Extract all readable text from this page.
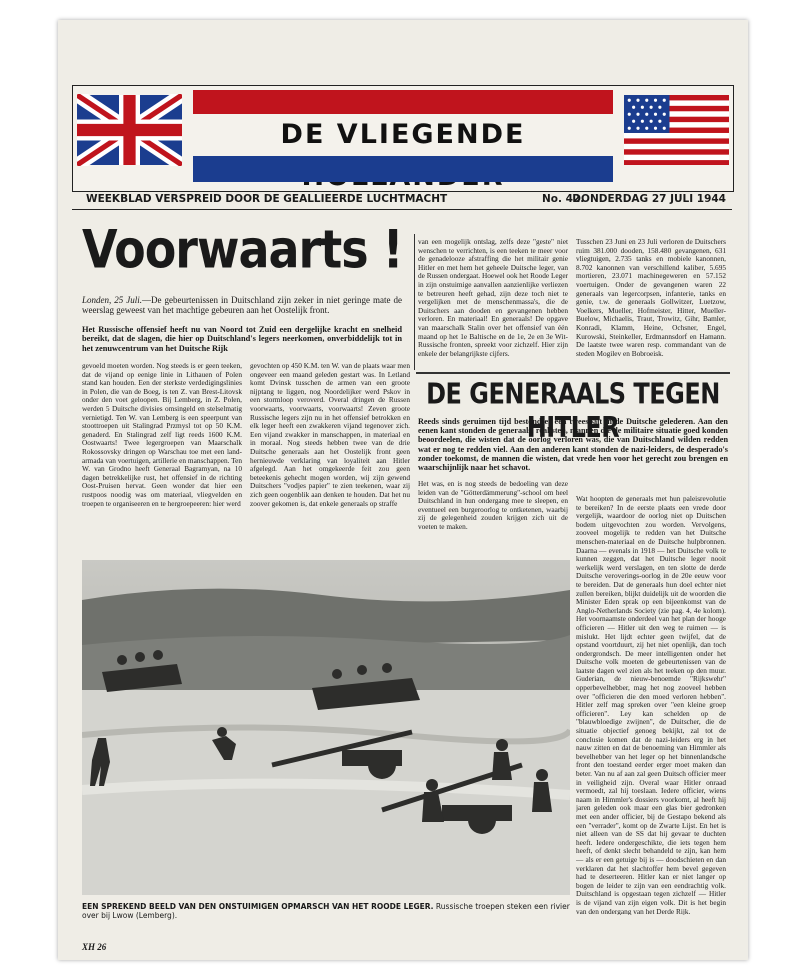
DE VLIEGENDE
WEEKBLAD VERSPREID DOOR DE GEALLIEERDE LUCHTMACHT	No. 42.
DONDERDAG 27 JULI 1944
Voorwaarts !
Londen, 25 Juli.—De gebeurtenissen in Duitschland zijn zeker in niet geringe mate de weerslag geweest van het machtige gebeuren aan het Oostelijk front.
Het Russische offensief heeft nu van Noord tot Zuid een dergelijke kracht en snelheid bereikt, dat de slagen, die hier op Duitschland's legers neerkomen, onverbiddelijk tot in het zenuwcentrum van het Duitsche Rijk
gevoeld moeten worden. Nog steeds is er geen teeken, dat de vijand op eenige linie in Lithauen of Polen stand kan houden. Een der sterkste verdedigingslinies in Polen, die van de Boeg, is ten Z. van Brest-Litovsk onder den voet geloopen. Bij Lemberg, in Z. Polen, werden 5 Duitsche divisies omsingeld en stelselmatig vernietigd. Ten W. van Lemberg is een speerpunt van stoottroepen uit Stalingrad Przmysl tot op 50 K.M. genaderd. En Stalingrad zelf ligt reeds 1600 K.M. Oostwaarts! Twee legergroepen van Maarschalk Rokossovsky dringen op Warschau toe met een land-armada van voertuigen, artillerie en manschappen. Ten W. van Grodno heeft Generaal Bagramyan, na 10 dagen betrekkelijke rust, het offensief in de richting Oost-Pruisen hervat. Geen wonder dat hier een rustpoos noodig was om materiaal, vliegvelden en troepen te organiseeren en te hergroepeeren: hier werd
gevochten op 450 K.M. ten W. van de plaats waar men ongeveer een maand geleden gestart was. In Letland komt Dvinsk tusschen de armen van een groote nijptang te liggen, nog Noordelijker werd Pskov in een stormloop veroverd. Overal dringen de Russen voorwaarts, voorwaarts, voorwaarts! Zeven groote Russische legers zijn nu in het offensief betrokken en elk leger heeft een zwakkeren vijand tegenover zich. Een vijand zwakker in manschappen, in materiaal en in moraal. Nog steeds hebben twee van de drie Duitsche generaals aan het Oostelijk front geen hernieuwde verklaring van loyaliteit aan Hitler afgelegd. Aan het omgekeerde feit zou geen beteekenis gehecht mogen worden, wij zijn gewend Duitschers "vodjes papier" te zien teekenen, waar zij zich geen oogenblik aan denken te houden. Dat het nu zoover gekomen is, dat enkele generaals op straffe
van een mogelijk ontslag, zelfs deze "geste" niet wenschen te verrichten, is een teeken te meer voor de genadelooze afstraffing die het militair genie Hitler en met hem het geheele Duitsche leger, van de Russen ondergaat. Hoewel ook het Roode Leger in zijn onstuimige aanvallen aanzienlijke verliezen te betreuren heeft gehad, zijn deze toch niet te vergelijken met de menschenmassa's, die de Duitschers aan dooden en gevangenen hebben verloren. En materiaal! En generaals! De opgave van maarschalk Stalin over het offensief van één maand op het 1e Baltische en de 1e, 2e en 3e Wit-Russische fronten, spreekt voor zichzelf. Hier zijn enkele der belangrijkste cijfers.
Tusschen 23 Juni en 23 Juli verloren de Duitschers ruim 381.000 dooden, 158.480 gevangenen, 631 vliegtuigen, 2.735 tanks en mobiele kanonnen, 8.702 kanonnen van verschillend kaliber, 5.695 mortieren, 23.071 machinegeweren en 57.152 voertuigen. Onder de gevangenen waren 22 generaals van legercorpsen, infanterie, tanks en genie, t.w. de generaals Gollwitzer, Luetzow, Voelkers, Mueller, Hofmeister, Hitter, Mueller-Buelow, Michaelis, Traut, Trowitz, Gihr, Bamler, Konradi, Klamm, Heine, Ochsner, Engel, Kurowski, Steinkeller, Erdmannsdorf en Hamann. De laatste twee waren resp. commandant van de steden Mogilev en Bobroeisk.
DE GENERAALS TEGEN HITLER
Reeds sinds geruimen tijd bestond er een tweespalt in de Duitsche gelederen. Aan den eenen kant stonden de generaals, realisten, mannen die de militaire situatie goed konden beoordeelen, die wisten dat de oorlog verloren was, die van Duitschland wilden redden wat er nog te redden viel. Aan den anderen kant stonden de nazi-leiders, de desperado's zonder toekomst, de mannen die wisten, dat vrede hen voor het gerecht zou brengen en waarschijnlijk naar het schavot.
Het was, en is nog steeds de bedoeling van deze leiden van de "Götterdämmerung"-school om heel Duitschland in hun ondergang mee te sleepen, en eventueel een burgeroorlog te ontketenen, waarbij zij de gelegenheid zouden krijgen zich uit de voeten te maken.
Wat hoopten de generaals met hun paleisrevolutie te bereiken? In de eerste plaats een vrede door vergelijk, waardoor de oorlog niet op Duitschen bodem uitgevochten zou worden. Vervolgens, zooveel mogelijk te redden van het Duitsche menschen-materiaal en de Duitsche hulpbronnen. Daarna — evenals in 1918 — het Duitsche volk te kunnen zeggen, dat het Duitsche leger nooit werkelijk werd verslagen, en ten slotte de derde Duitsche veroverings-oorlog in de 20e eeuw voor te bereiden. Dat de generaals hun doel echter niet zullen bereiken, blijkt duidelijk uit de woorden die Minister Eden sprak op een bijeenkomst van de Anglo-Netherlands Society (zie pag. 4, 4e kolom). Het voornaamste onderdeel van het plan der hooge officieren — Hitler uit den weg te ruimen — is mislukt. Het lijdt echter geen twijfel, dat de opstand voortduurt, zij het niet openlijk, dan toch ondergrondsch. De meer intelligenten onder het Duitsche volk moeten de gebeurtenissen van de laatste dagen wel zien als het teeken op den muur. Guderian, de nieuw-benoemde "Rijkswehr" opperbevelhebber, mag het nog zooveel hebben over "officieren die den moed verloren hebben". Hitler zelf mag spreken over "een kleine groep officieren". Ley kan schelden op de "blauwbloedige zwijnen", de Duitscher, die de situatie objectief genoeg bekijkt, zal tot de conclusie komen dat de nazi-leiders erg in het nauw zitten en dat de benoeming van Himmler als bevelhebber van het leger op het binnenlandsche front den toestand eerder erger moet maken dan beter. Van nu af aan zal geen Duitsch officier meer in veiligheid zijn. Overal waar Hitler onraad vermoedt, zal hij toeslaan. Iedere officier, wiens naam in Himmler's dossiers voorkomt, al heeft hij jaren geleden ook maar een glas bier gedronken met een ander officier, bij de Gestapo bekend als een "verrader", komt op de Zwarte Lijst. En het is niet alleen van de SS dat hij gevaar te duchten heeft. Iedere ondergeschikte, die iets tegen hem heeft, of denkt slecht behandeld te zijn, kan hem — als er een getuige bij is — doodschieten en dan verklaren dat het slachtoffer hem bevel gegeven had te deserteeren. Hitler kan er niet langer op bogen de leider te zijn van een eendrachtig volk. Duitschland is opgestaan tegen zichzelf — Hitler is de vijand van zijn eigen volk. Dit is het begin van den ondergang van het Derde Rijk.
EEN SPREKEND BEELD VAN DEN ONSTUIMIGEN OPMARSCH VAN HET ROODE LEGER. Russische troepen steken een rivier over bij Lwow (Lemberg).
XH 26
